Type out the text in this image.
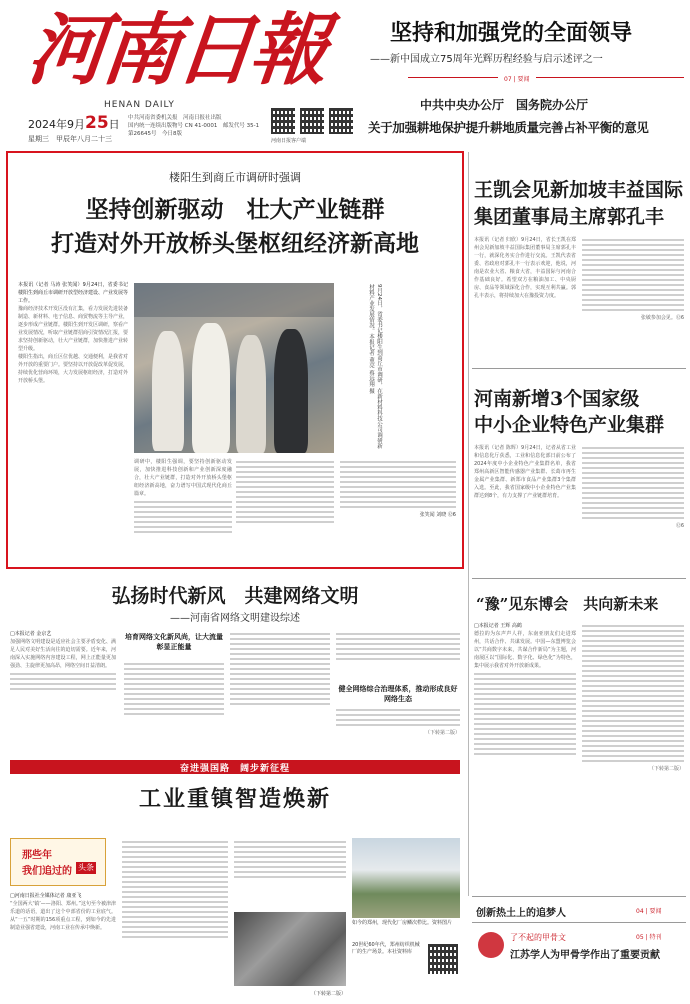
河南日報
HENAN DAILY
2024年9月25日
星期三　甲辰年八月二十三
中共河南省委机关报　河南日报社出版
国内统一连续出版物号 CN 41-0001　邮发代号 35-1
第26645号　今日8版
河南日报客户端
坚持和加强党的全面领导
——新中国成立75周年光辉历程经验与启示述评之一
07 | 要闻
中共中央办公厅　国务院办公厅
关于加强耕地保护提升耕地质量完善占补平衡的意见
楼阳生到商丘市调研时强调
坚持创新驱动　壮大产业链群
打造对外开放桥头堡枢纽经济新高地
本报讯（记者 马涛 张笑闻）9月24日，省委书记楼阳生到商丘市调研开放型经济建设、产业发展等工作。
豫商经济技术开发区没有汇集，看力发展先进装备制造、新材料、电子信息、商贸物流等主导产业，逐步形成产业链群。楼阳生到开发区调研，察看产业发展情况，听取产业链群招商引资情况汇报，要求坚持创新驱动，壮大产业链群，加快推进产业转型升级。
楼阳生指出，商丘区位优越、交通便利，是我省对外开放的重要门户。要坚持以开放促改革促发展，持续优化营商环境，大力发展枢纽经济，打造对外开放桥头堡。	9月24日，省委书记楼阳生到商丘市调研，在新材料科技公司调研新材料产业发展情况。本报记者 董亮 蔡远翔 摄
调研中，楼阳生强调，要坚持创新驱动发展，加快推进科技创新和产业创新深度融合，壮大产业链群，打造对外开放桥头堡枢纽经济新高地，奋力谱写中国式现代化商丘篇章。
张笑闻 刘晓 ⑫6
王凯会见新加坡丰益国际
集团董事局主席郭孔丰
本报讯（记者 归欣）9月24日，省长王凯在郑州会见新加坡丰益国际集团董事局主席郭孔丰一行，就深化务实合作进行交流。王凯代表省委、省政府对郭孔丰一行表示欢迎，他说，河南是农业大省、粮食大省，丰益国际与河南合作基础良好。希望双方在粮油加工、中央厨房、食品等领域深化合作，实现互利共赢。郭孔丰表示，将持续加大在豫投资力度。
张敏参加会见。⑫6
河南新增3个国家级
中小企业特色产业集群
本报讯（记者 陈辉）9月24日，记者从省工业和信息化厅获悉，工业和信息化部日前公布了2024年度中小企业特色产业集群名单，我省郑州高新区智能传感器产业集群、长葛市再生金属产业集群、新郑市食品产业集群3个集群入选。至此，我省国家级中小企业特色产业集群达到8个，有力支撑了产业链群培育。
⑫6
弘扬时代新风　共建网络文明
——河南省网络文明建设综述
□本报记者 金京艺
加强网络文明建设是适应社会主要矛盾变化、满足人民对美好生活向往的迫切需要。近年来，河南深入实施网络内容建设工程，网上正能量更加强劲、主旋律更加高昂，网络空间日益清朗。
培育网络文化新风尚，让大流量彰显正能量
健全网络综合治理体系，推动形成良好网络生态
（下转第二版）
“豫”见东博会　共向新未来
□本报记者 王辉 高鹤
德拉的为东声声人祥，东南亚朋友们走进郑州，共话合作、共谋发展。中国—东盟博览会以“共商数字未来，共谋合作新局”为主题，河南展区以“国际化、数字化、绿色化”为特色，集中展示我省对外开放新成果。
（下转第二版）
奋进强国路　阔步新征程
工业重镇智造焕新
那些年
我们追过的 头条
□河南日报社全媒体记者 康亚飞
“全国两大‘镇’——洛阳、郑州。”这句至今被津津乐道的话语，道出了这个中部省份的工业底气。从“一五”时期的156项重点工程，到如今的先进制造业强省建设，河南工业在传承中焕新。
如今的郑州，现代化厂房鳞次栉比。资料图片
20世纪60年代，郑州纺织机械厂的生产场景。本社资料库
（下转第二版）
创新热土上的追梦人	04 | 要闻
了不起的甲骨文	05 | 特刊
江苏学人为甲骨学作出了重要贡献
